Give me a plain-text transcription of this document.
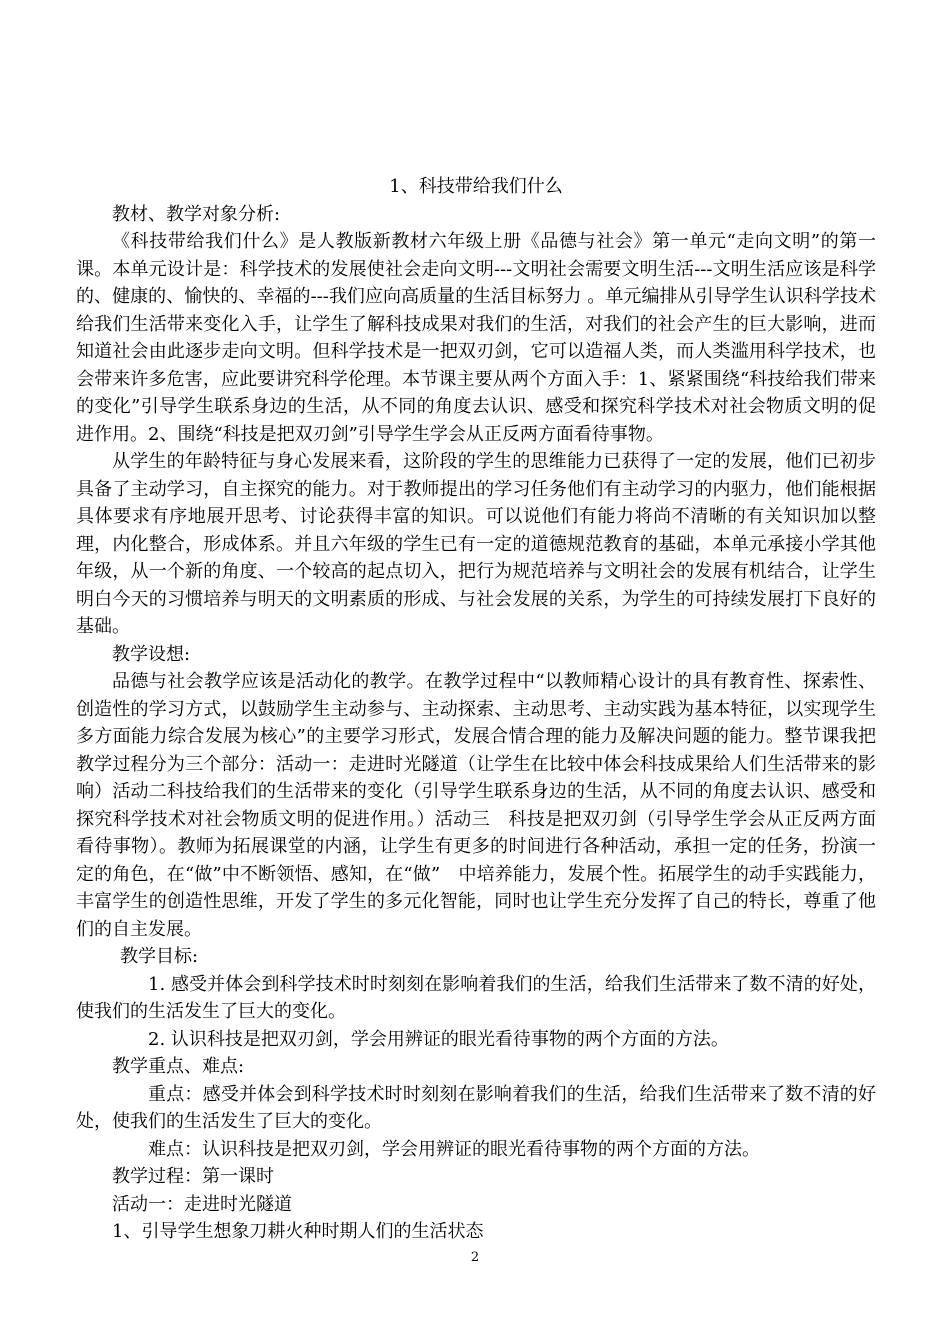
1、科技带给我们什么

教材、教学对象分析:

《科技带给我们什么》是人教版新教材六年级上册《品德与社会》第一单元“走向文明”的第一课。本单元设计是：科学技术的发展使社会走向文明---文明社会需要文明生活---文明生活应该是科学的、健康的、愉快的、幸福的---我们应向高质量的生活目标努力 。单元编排从引导学生认识科学技术给我们生活带来变化入手，让学生了解科技成果对我们的生活，对我们的社会产生的巨大影响，进而知道社会由此逐步走向文明。但科学技术是一把双刃剑，它可以造福人类，而人类滥用科学技术，也会带来许多危害，应此要讲究科学伦理。本节课主要从两个方面入手：1、紧紧围绕“科技给我们带来的变化”引导学生联系身边的生活，从不同的角度去认识、感受和探究科学技术对社会物质文明的促进作用。2、围绕“科技是把双刃剑”引导学生学会从正反两方面看待事物。

从学生的年龄特征与身心发展来看，这阶段的学生的思维能力已获得了一定的发展，他们已初步具备了主动学习，自主探究的能力。对于教师提出的学习任务他们有主动学习的内驱力，他们能根据具体要求有序地展开思考、讨论获得丰富的知识。可以说他们有能力将尚不清晰的有关知识加以整理，内化整合，形成体系。并且六年级的学生已有一定的道德规范教育的基础，本单元承接小学其他年级，从一个新的角度、一个较高的起点切入，把行为规范培养与文明社会的发展有机结合，让学生明白今天的习惯培养与明天的文明素质的形成、与社会发展的关系，为学生的可持续发展打下良好的基础。

教学设想:

品德与社会教学应该是活动化的教学。在教学过程中“以教师精心设计的具有教育性、探索性、创造性的学习方式，以鼓励学生主动参与、主动探索、主动思考、主动实践为基本特征，以实现学生多方面能力综合发展为核心”的主要学习形式，发展合情合理的能力及解决问题的能力。整节课我把教学过程分为三个部分：活动一：走进时光隧道（让学生在比较中体会科技成果给人们生活带来的影响）活动二科技给我们的生活带来的变化（引导学生联系身边的生活，从不同的角度去认识、感受和探究科学技术对社会物质文明的促进作用。）活动三　科技是把双刃剑（引导学生学会从正反两方面看待事物）。教师为拓展课堂的内涵，让学生有更多的时间进行各种活动，承担一定的任务，扮演一定的角色，在“做”中不断领悟、感知，在“做”　中培养能力，发展个性。拓展学生的动手实践能力，丰富学生的创造性思维，开发了学生的多元化智能，同时也让学生充分发挥了自己的特长，尊重了他们的自主发展。

教学目标:

1. 感受并体会到科学技术时时刻刻在影响着我们的生活，给我们生活带来了数不清的好处，使我们的生活发生了巨大的变化。

2. 认识科技是把双刃剑，学会用辨证的眼光看待事物的两个方面的方法。

教学重点、难点:

重点：感受并体会到科学技术时时刻刻在影响着我们的生活，给我们生活带来了数不清的好处，使我们的生活发生了巨大的变化。

难点：认识科技是把双刃剑，学会用辨证的眼光看待事物的两个方面的方法。

教学过程：第一课时

活动一：走进时光隧道

1、引导学生想象刀耕火种时期人们的生活状态

2
